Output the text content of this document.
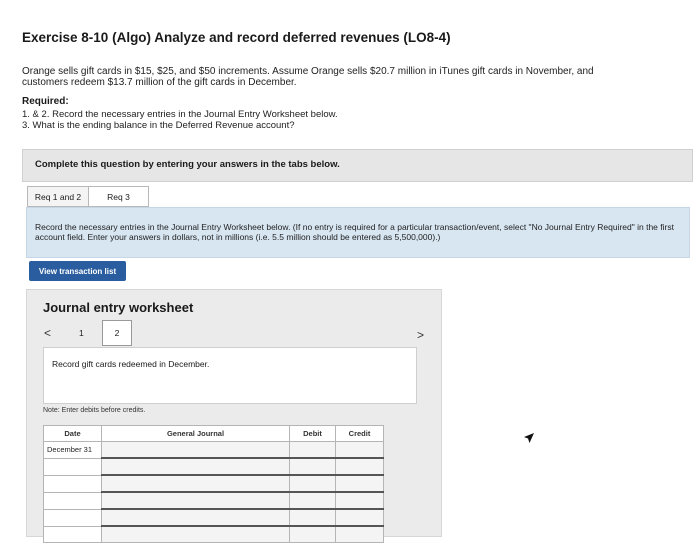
Exercise 8-10 (Algo) Analyze and record deferred revenues (LO8-4)
Orange sells gift cards in $15, $25, and $50 increments. Assume Orange sells $20.7 million in iTunes gift cards in November, and customers redeem $13.7 million of the gift cards in December.
Required:
1. & 2. Record the necessary entries in the Journal Entry Worksheet below.
3. What is the ending balance in the Deferred Revenue account?
Complete this question by entering your answers in the tabs below.
Req 1 and 2	Req 3
Record the necessary entries in the Journal Entry Worksheet below. (If no entry is required for a particular transaction/event, select "No Journal Entry Required" in the first account field. Enter your answers in dollars, not in millions (i.e. 5.5 million should be entered as 5,500,000).)
View transaction list
Journal entry worksheet
<	1	2	>
Record gift cards redeemed in December.
Note: Enter debits before credits.
Date	General Journal	Debit	Credit
December 31			
